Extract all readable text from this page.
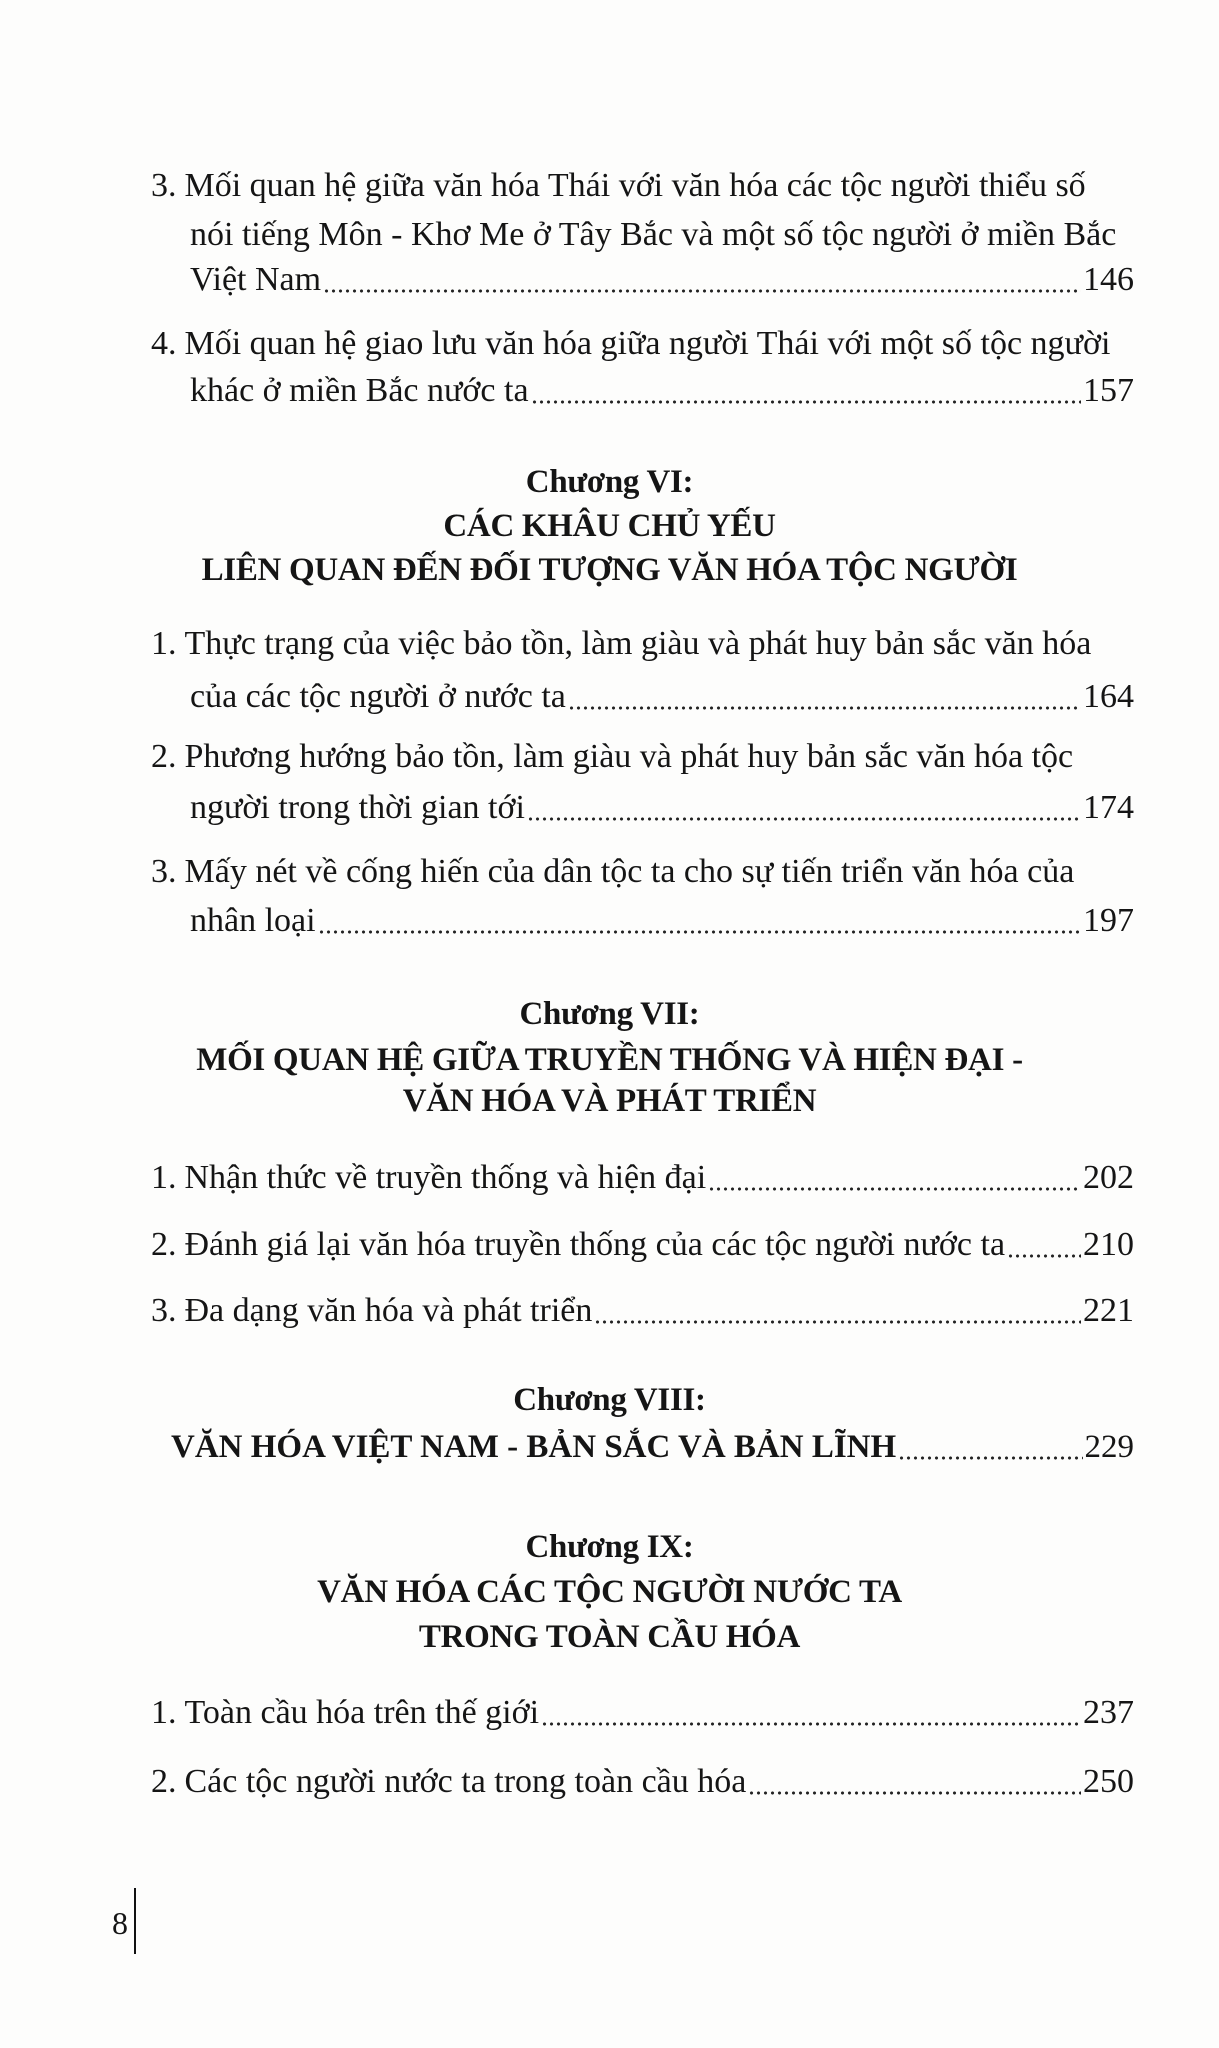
3. Mối quan hệ giữa văn hóa Thái với văn hóa các tộc người thiểu số
nói tiếng Môn - Khơ Me ở Tây Bắc và một số tộc người ở miền Bắc
Việt Nam	146
4. Mối quan hệ giao lưu văn hóa giữa người Thái với một số tộc người
khác ở miền Bắc nước ta	157
Chương VI:
CÁC KHÂU CHỦ YẾU
LIÊN QUAN ĐẾN ĐỐI TƯỢNG VĂN HÓA TỘC NGƯỜI
1. Thực trạng của việc bảo tồn, làm giàu và phát huy bản sắc văn hóa
của các tộc người ở nước ta	164
2. Phương hướng bảo tồn, làm giàu và phát huy bản sắc văn hóa tộc
người trong thời gian tới	174
3. Mấy nét về cống hiến của dân tộc ta cho sự tiến triển văn hóa của
nhân loại	197
Chương VII:
MỐI QUAN HỆ GIỮA TRUYỀN THỐNG VÀ HIỆN ĐẠI -
VĂN HÓA VÀ PHÁT TRIỂN
1. Nhận thức về truyền thống và hiện đại	202
2. Đánh giá lại văn hóa truyền thống của các tộc người nước ta 210
3. Đa dạng văn hóa và phát triển	221
Chương VIII:
VĂN HÓA VIỆT NAM - BẢN SẮC VÀ BẢN LĨNH	229
Chương IX:
VĂN HÓA CÁC TỘC NGƯỜI NƯỚC TA
TRONG TOÀN CẦU HÓA
1. Toàn cầu hóa trên thế giới	237
2. Các tộc người nước ta trong toàn cầu hóa	250
8
